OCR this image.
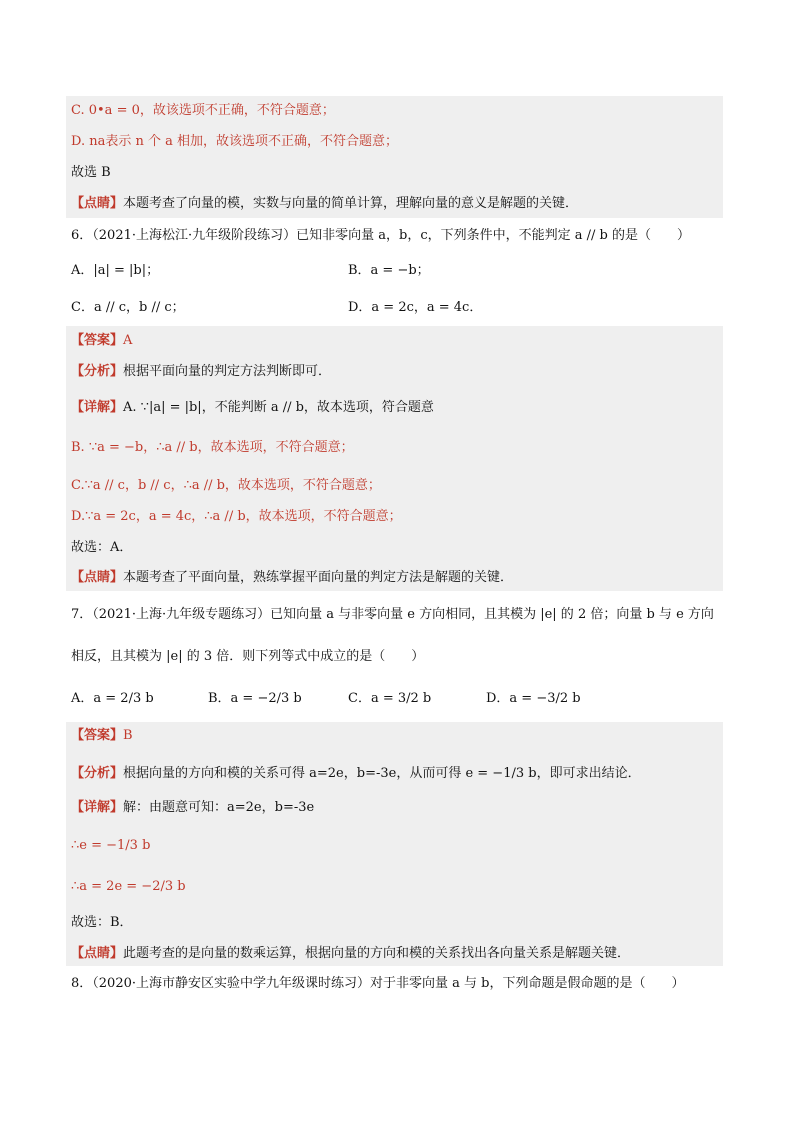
C. 0•a = 0，故该选项不正确，不符合题意；
D. na表示 n 个 a 相加，故该选项不正确，不符合题意；
故选 B
【点睛】本题考查了向量的模，实数与向量的简单计算，理解向量的意义是解题的关键．
6．（2021·上海松江·九年级阶段练习）已知非零向量 a，b，c，下列条件中，不能判定 a // b 的是（　　）
A．|a| = |b|；	B．a = −b；
C．a // c，b // c；	D．a = 2c，a = 4c．
【答案】A
【分析】根据平面向量的判定方法判断即可．
【详解】A. ∵|a| = |b|，不能判断 a // b，故本选项，符合题意
B. ∵a = −b，∴a // b，故本选项，不符合题意；
C.∵a // c，b // c，∴a // b，故本选项，不符合题意；
D.∵a = 2c，a = 4c，∴a // b，故本选项，不符合题意；
故选：A．
【点睛】本题考查了平面向量，熟练掌握平面向量的判定方法是解题的关键．
7．（2021·上海·九年级专题练习）已知向量 a 与非零向量 e 方向相同，且其模为 |e| 的 2 倍；向量 b 与 e 方向
相反，且其模为 |e| 的 3 倍．则下列等式中成立的是（　　）
A．a = 2/3 b	B．a = −2/3 b	C．a = 3/2 b	D．a = −3/2 b
【答案】B
【分析】根据向量的方向和模的关系可得 a=2e，b=-3e，从而可得 e = −1/3 b，即可求出结论．
【详解】解：由题意可知：a=2e，b=-3e
∴e = −1/3 b
∴a = 2e = −2/3 b
故选：B．
【点睛】此题考查的是向量的数乘运算，根据向量的方向和模的关系找出各向量关系是解题关键．
8．（2020·上海市静安区实验中学九年级课时练习）对于非零向量 a 与 b，下列命题是假命题的是（　　）
